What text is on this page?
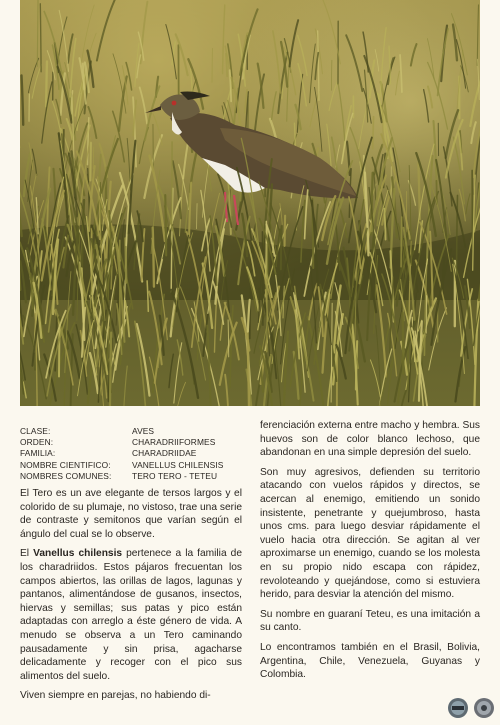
CLASE:	AVES
ORDEN:	CHARADRIIFORMES
FAMILIA:	CHARADRIIDAE
NOMBRE CIENTIFICO:	VANELLUS CHILENSIS
NOMBRES COMUNES:	TERO TERO - TETEU

El Tero es un ave elegante de tersos largos y el colorido de su plumaje, no vistoso, trae una serie de contraste y semitonos que varían según el ángulo del cual se lo observe.

El Vanellus chilensis pertenece a la familia de los charadriidos. Estos pájaros frecuentan los campos abiertos, las orillas de lagos, lagunas y pantanos, alimentándose de gusanos, insectos, hiervas y semillas; sus patas y pico están adaptadas con arreglo a éste género de vida. A menudo se observa a un Tero caminando pausadamente y sin prisa, agacharse delicadamente y recoger con el pico sus alimentos del suelo.

Viven siempre en parejas, no habiendo di-

ferenciación externa entre macho y hembra. Sus huevos son de color blanco lechoso, que abandonan en una simple depresión del suelo.

Son muy agresivos, defienden su territorio atacando con vuelos rápidos y directos, se acercan al enemigo, emitiendo un sonido insistente, penetrante y quejumbroso, hasta unos cms. para luego desviar rápidamente el vuelo hacia otra dirección. Se agitan al ver aproximarse un enemigo, cuando se los molesta en su propio nido escapa con rápidez, revoloteando y quejándose, como si estuviera herido, para desviar la atención del mismo.

Su nombre en guaraní Teteu, es una imitación a su canto.

Lo encontramos también en el Brasil, Bolivia, Argentina, Chile, Venezuela, Guyanas y Colombia.
